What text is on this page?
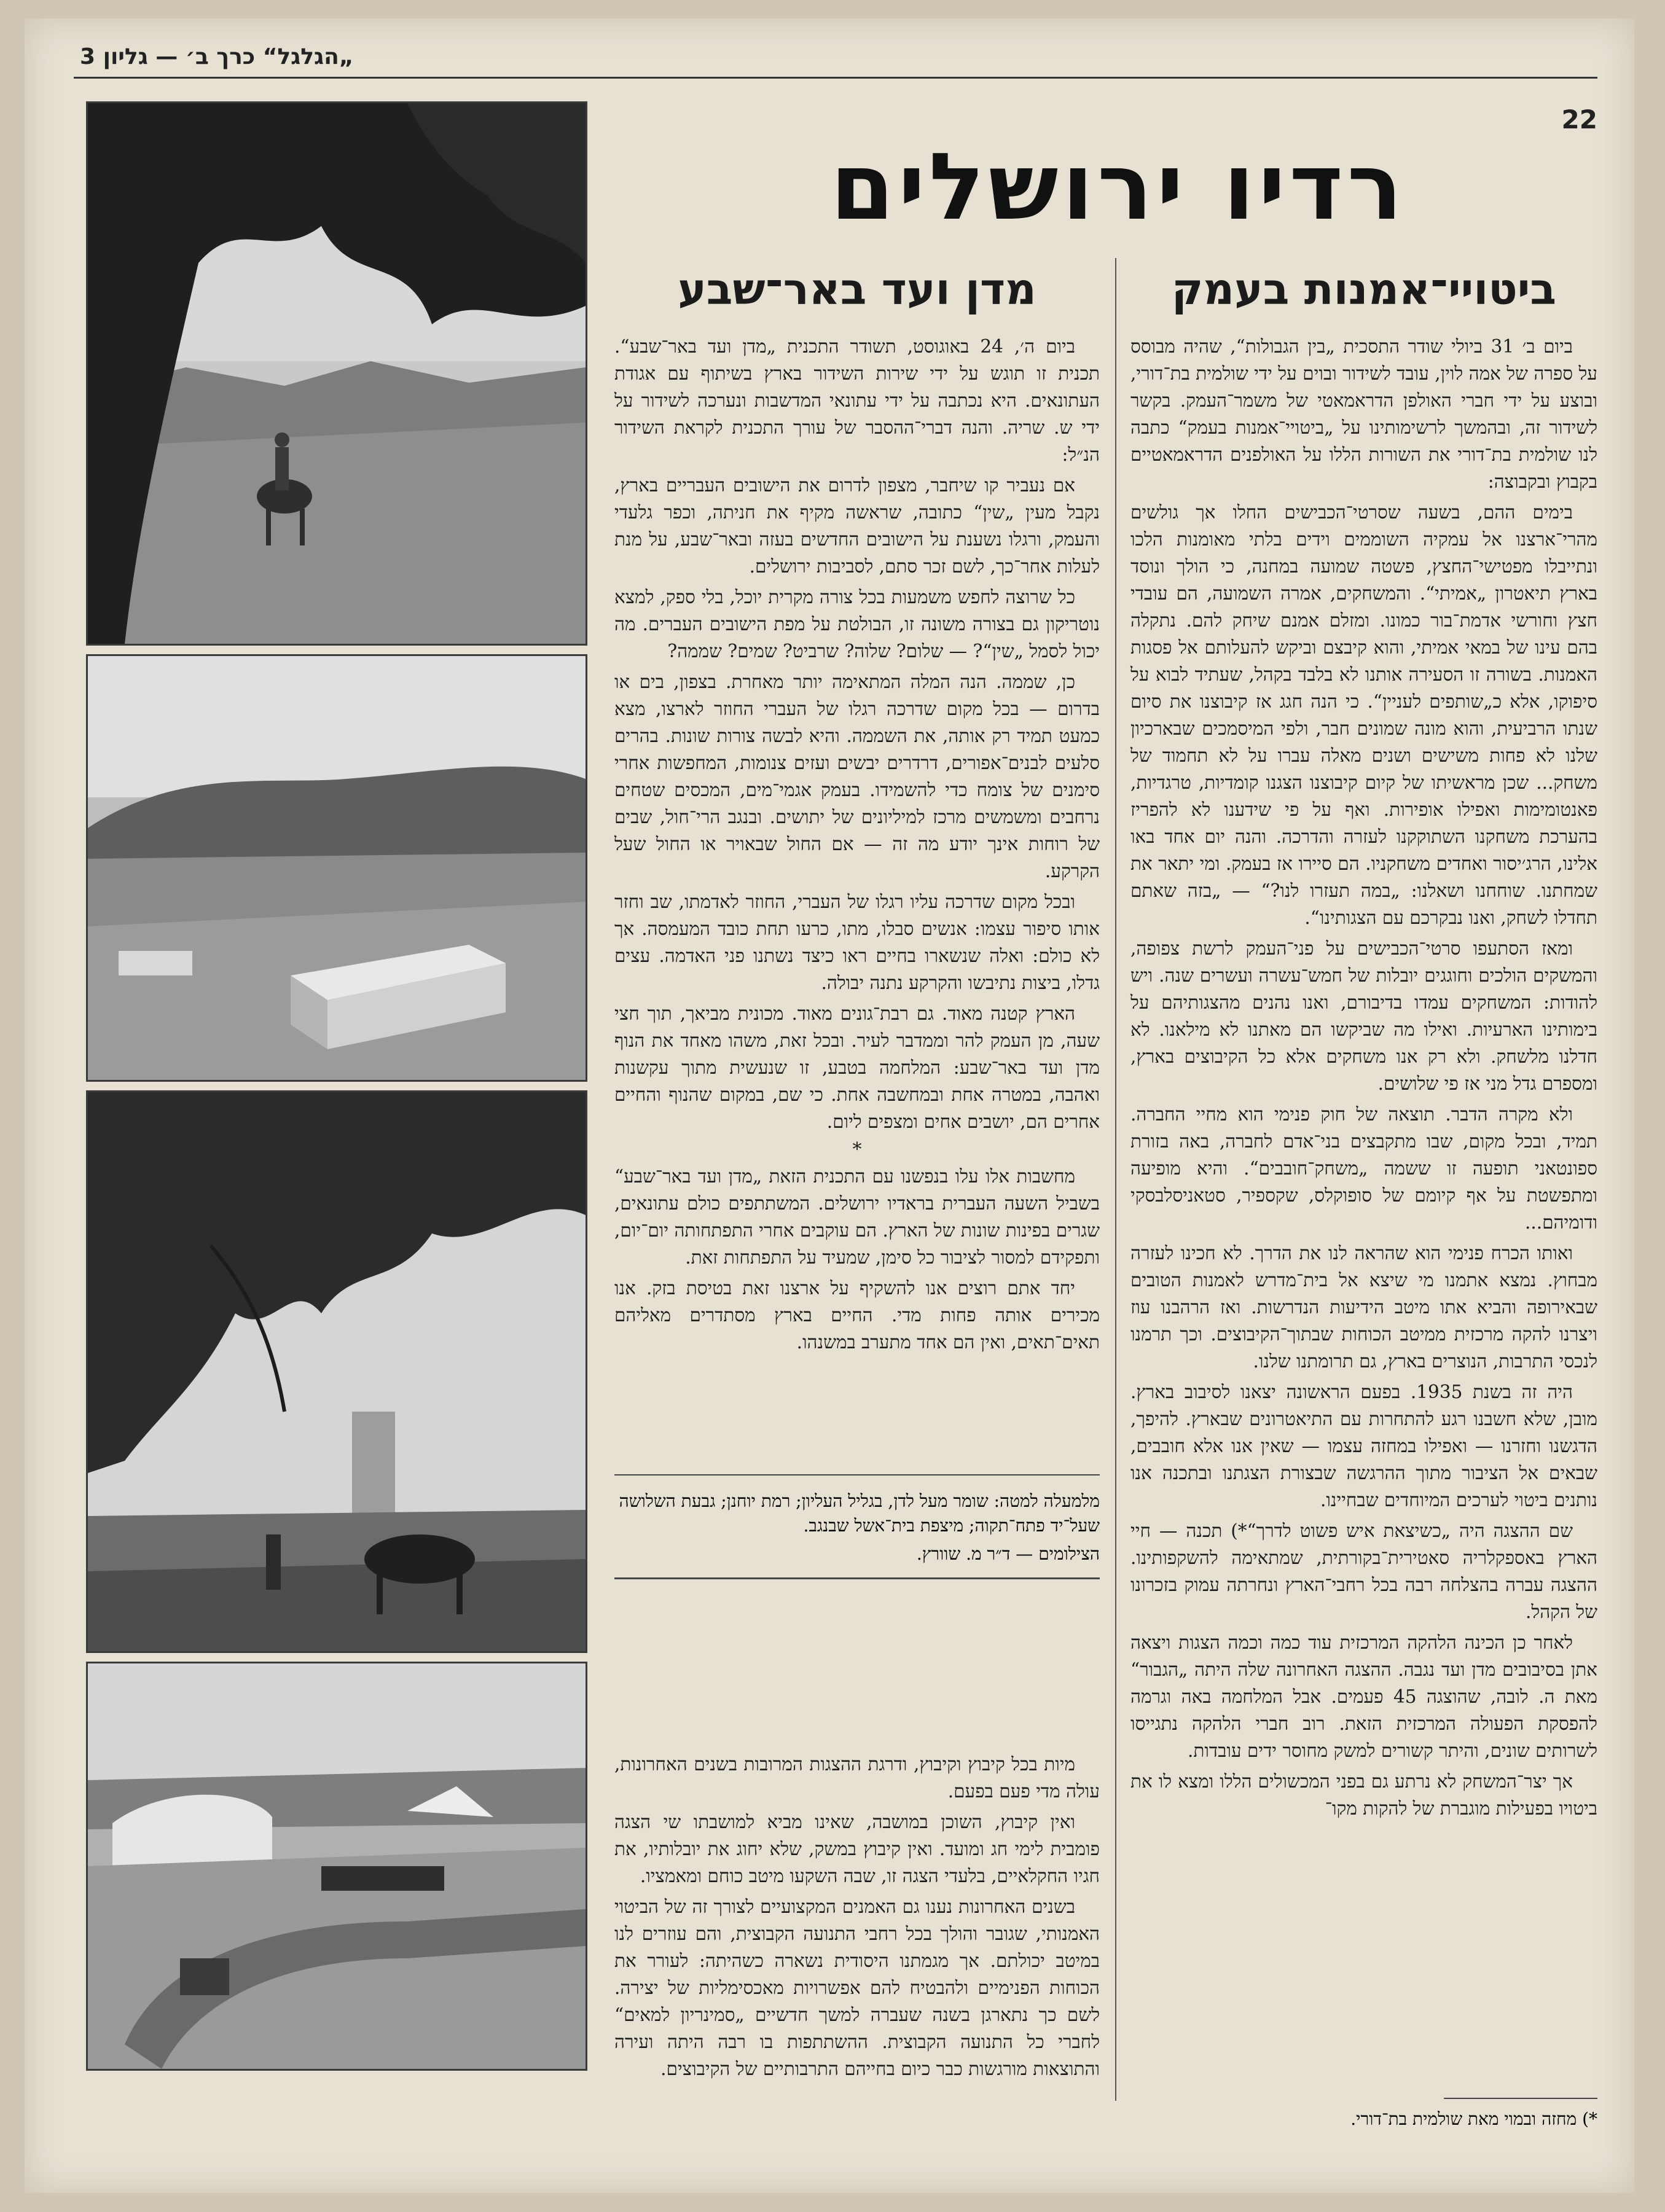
„הגלגל“ כרך ב׳ — גליון 3
22
רדיו ירושלים
ביטויי־אמנות בעמק

ביום ב׳ 31 ביולי שודר התסכית „בין הגבולות“, שהיה מבוסס על ספרה של אמה לוין, עובד לשידור ובוים על ידי שולמית בת־דורי, ובוצע על ידי חברי האולפן הדראמאטי של משמר־העמק. בקשר לשידור זה, ובהמשך לרשימותינו על „ביטויי־אמנות בעמק“ כתבה לנו שולמית בת־דורי את השורות הללו על האולפנים הדראמאטיים בקבוץ ובקבוצה:

בימים ההם, בשעה שסרטי־הכבישים החלו אך גולשים מהרי־ארצנו אל עמקיה השוממים וידים בלתי מאומנות הלכו ונתייבלו מפטישי־החצץ, פשטה שמועה במחנה, כי הולך ונוסד בארץ תיאטרון „אמיתי“. והמשחקים, אמרה השמועה, הם עובדי חצץ וחורשי אדמת־בור כמונו. ומזלם אמנם שיחק להם. נתקלה בהם עינו של במאי אמיתי, והוא קיבצם וביקש להעלותם אל פסגות האמנות. בשורה זו הסעירה אותנו לא בלבד בקהל, שעתיד לבוא על סיפוקו, אלא כ„שותפים לעניין“. כי הנה חגג אז קיבוצנו את סיום שנתו הרביעית, והוא מונה שמונים חבר, ולפי המיסמכים שבארכיון שלנו לא פחות משישים ושנים מאלה עברו על לא תחמוד של משחק... שכן מראשיתו של קיום קיבוצנו הצגנו קומדיות, טרגדיות, פאנטומימות ואפילו אופירות. ואף על פי שידענו לא להפריז בהערכת משחקנו השתוקקנו לעזרה והדרכה. והנה יום אחד באו אלינו, הרג׳יסור ואחדים משחקניו. הם סיירו אז בעמק. ומי יתאר את שמחתנו. שוחחנו ושאלנו: „במה תעזרו לנו?“ — „בזה שאתם תחדלו לשחק, ואנו נבקרכם עם הצגותינו“.

ומאז הסתעפו סרטי־הכבישים על פני־העמק לרשת צפופה, והמשקים הולכים וחוגגים יובלות של חמש־עשרה ועשרים שנה. ויש להודות: המשחקים עמדו בדיבורם, ואנו נהנים מהצגותיהם על בימותינו הארעיות. ואילו מה שביקשו הם מאתנו לא מילאנו. לא חדלנו מלשחק. ולא רק אנו משחקים אלא כל הקיבוצים בארץ, ומספרם גדל מני אז פי שלושים.

ולא מקרה הדבר. תוצאה של חוק פנימי הוא מחיי החברה. תמיד, ובכל מקום, שבו מתקבצים בני־אדם לחברה, באה בזורת ספונטאני תופעה זו ששמה „משחק־חובבים“. והיא מופיעה ומתפשטת על אף קיומם של סופוקלס, שקספיר, סטאניסלבסקי ודומיהם...

ואותו הכרח פנימי הוא שהראה לנו את הדרך. לא חכינו לעזרה מבחוץ. נמצא אתמנו מי שיצא אל בית־מדרש לאמנות הטובים שבאירופה והביא אתו מיטב הידיעות הנדרשות. ואז הרהבנו עוז ויצרנו להקה מרכזית ממיטב הכוחות שבתוך־הקיבוצים. וכך תרמנו לנכסי התרבות, הנוצרים בארץ, גם תרומתנו שלנו.

היה זה בשנת 1935. בפעם הראשונה יצאנו לסיבוב בארץ. מובן, שלא חשבנו רגע להתחרות עם התיאטרונים שבארץ. להיפך, הדגשנו וחזרנו — ואפילו במחזה עצמו — שאין אנו אלא חובבים, שבאים אל הציבור מתוך ההרגשה שבצורת הצגתנו ובתכנה אנו נותנים ביטוי לערכים המיוחדים שבחיינו.

שם ההצגה היה „כשיצאת איש פשוט לדרך“*) תכנה — חיי הארץ באספקלריה סאטירית־בקורתית, שמתאימה להשקפותינו. ההצגה עברה בהצלחה רבה בכל רחבי־הארץ ונחרתה עמוק בזכרונו של הקהל.

לאחר כן הכינה הלהקה המרכזית עוד כמה וכמה הצגות ויצאה אתן בסיבובים מדן ועד נגבה. ההצגה האחרונה שלה היתה „הגבור“ מאת ה. לובה, שהוצגה 45 פעמים. אבל המלחמה באה וגרמה להפסקת הפעולה המרכזית הזאת. רוב חברי הלהקה נתגייסו לשרותים שונים, והיתר קשורים למשק מחוסר ידים עובדות.

אך יצר־המשחק לא נרתע גם בפני המכשולים הללו ומצא לו את ביטויו בפעילות מוגברת של להקות מקו־

*) מחזה ובמוי מאת שולמית בת־דורי.
מדן ועד באר־שבע

ביום ה׳, 24 באוגוסט, תשודר התכנית „מדן ועד באר־שבע“. תכנית זו תוגש על ידי שירות השידור בארץ בשיתוף עם אגודת העתונאים. היא נכתבה על ידי עתונאי המדשבות ונערכה לשידור על ידי ש. שריה. והנה דברי־ההסבר של עורך התכנית לקראת השידור הנ״ל:

אם נעביר קו שיחבר, מצפון לדרום את הישובים העבריים בארץ, נקבל מעין „שין“ כתובה, שראשה מקיף את חניתה, וכפר גלעדי והעמק, ורגלו נשענת על הישובים החדשים בעזה ובאר־שבע, על מנת לעלות אחר־כך, לשם זכר סתם, לסביבות ירושלים.

כל שרוצה לחפש משמעות בכל צורה מקרית יוכל, בלי ספק, למצא נוטריקון גם בצורה משונה זו, הבולטת על מפת הישובים העברים. מה יכול לסמל „שין“? — שלום? שלוה? שרביט? שמים? שממה?

כן, שממה. הנה המלה המתאימה יותר מאחרת. בצפון, בים או בדרום — בכל מקום שדרכה רגלו של העברי החוזר לארצו, מצא כמעט תמיד רק אותה, את השממה. והיא לבשה צורות שונות. בהרים סלעים לבנים־אפורים, דרדרים יבשים ועזים צנומות, המחפשות אחרי סימנים של צומח כדי להשמידו. בעמק אגמי־מים, המכסים שטחים נרחבים ומשמשים מרכז למיליונים של יתושים. ובנגב הרי־חול, שבים של רוחות אינך יודע מה זה — אם החול שבאויר או החול שעל הקרקע.

ובכל מקום שדרכה עליו רגלו של העברי, החוזר לאדמתו, שב וחזר אותו סיפור עצמו: אנשים סבלו, מתו, כרעו תחת כובד המעמסה. אך לא כולם: ואלה שנשארו בחיים ראו כיצד נשתנו פני האדמה. עצים גדלו, ביצות נתיבשו והקרקע נתנה יבולה.

הארץ קטנה מאוד. גם רבת־גונים מאוד. מכונית מביאך, תוך חצי שעה, מן העמק להר וממדבר לעיר. ובכל זאת, משהו מאחד את הנוף מדן ועד באר־שבע: המלחמה בטבע, זו שנעשית מתוך עקשנות ואהבה, במטרה אחת ובמחשבה אחת. כי שם, במקום שהנוף והחיים אחרים הם, יושבים אחים ומצפים ליום.

*

מחשבות אלו עלו בנפשנו עם התכנית הזאת „מדן ועד באר־שבע“ בשביל השעה העברית בראדיו ירושלים. המשתתפים כולם עתונאים, שגרים בפינות שונות של הארץ. הם עוקבים אחרי התפתחותה יום־יום, ותפקידם למסור לציבור כל סימן, שמעיד על התפתחות זאת.

יחד אתם רוצים אנו להשקיף על ארצנו זאת בטיסת בזק. אנו מכירים אותה פחות מדי. החיים בארץ מסתדרים מאליהם תאים־תאים, ואין הם אחד מתערב במשנהו.

מלמעלה למטה: שומר מעל לדן, בגליל העליון; רמת יוחנן; גבעת השלושה שעל־יד פתח־תקוה; מיצפת בית־אשל שבנגב.

הצילומים — ד״ר מ. שוורץ.

מיות בכל קיבוץ וקיבוץ, ודרגת ההצגות המרובות בשנים האחרונות, עולה מדי פעם בפעם.

ואין קיבוץ, השוכן במושבה, שאינו מביא למושבתו שי הצגה פומבית לימי חג ומועד. ואין קיבוץ במשק, שלא יחוג את יובלותיו, את חגיו החקלאיים, בלעדי הצגה זו, שבה השקעו מיטב כוחם ומאמציו.

בשנים האחרונות נענו גם האמנים המקצועיים לצורך זה של הביטוי האמנותי, שגובר והולך בכל רחבי התנועה הקבוצית, והם עוזרים לנו במיטב יכולתם. אך מגמתנו היסודית נשארה כשהיתה: לעורר את הכוחות הפנימיים ולהבטיח להם אפשרויות מאכסימליות של יצירה. לשם כך נתארגן בשנה שעברה למשך חדשיים „סמינריון למאים“ לחברי כל התנועה הקבוצית. ההשתתפות בו רבה היתה ועירה והתוצאות מורגשות כבר כיום בחייהם התרבותיים של הקיבוצים.
